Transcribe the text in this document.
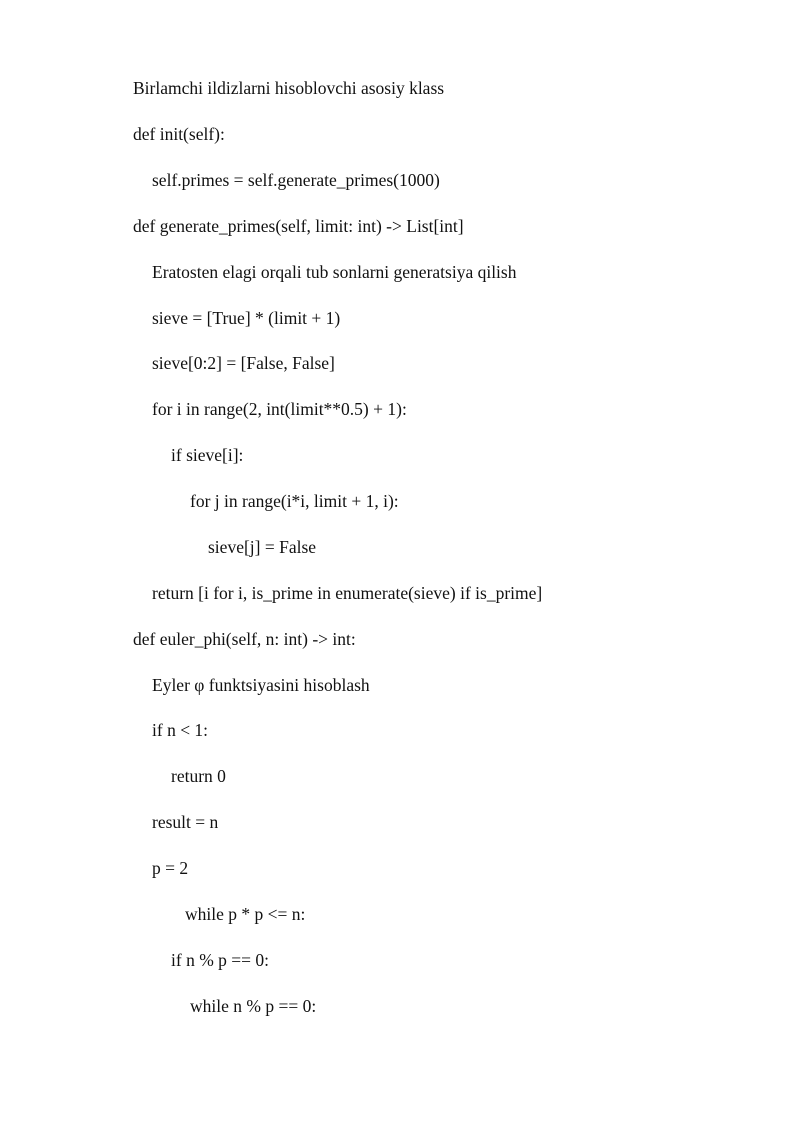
Birlamchi ildizlarni hisoblovchi asosiy klass
def init(self):
self.primes = self.generate_primes(1000)
def generate_primes(self, limit: int) -> List[int]
Eratosten elagi orqali tub sonlarni generatsiya qilish
sieve = [True] * (limit + 1)
sieve[0:2] = [False, False]
for i in range(2, int(limit**0.5) + 1):
if sieve[i]:
for j in range(i*i, limit + 1, i):
sieve[j] = False
return [i for i, is_prime in enumerate(sieve) if is_prime]
def euler_phi(self, n: int) -> int:
Eyler φ funktsiyasini hisoblash
if n < 1:
return 0
result = n
p = 2
while p * p <= n:
if n % p == 0:
while n % p == 0:
